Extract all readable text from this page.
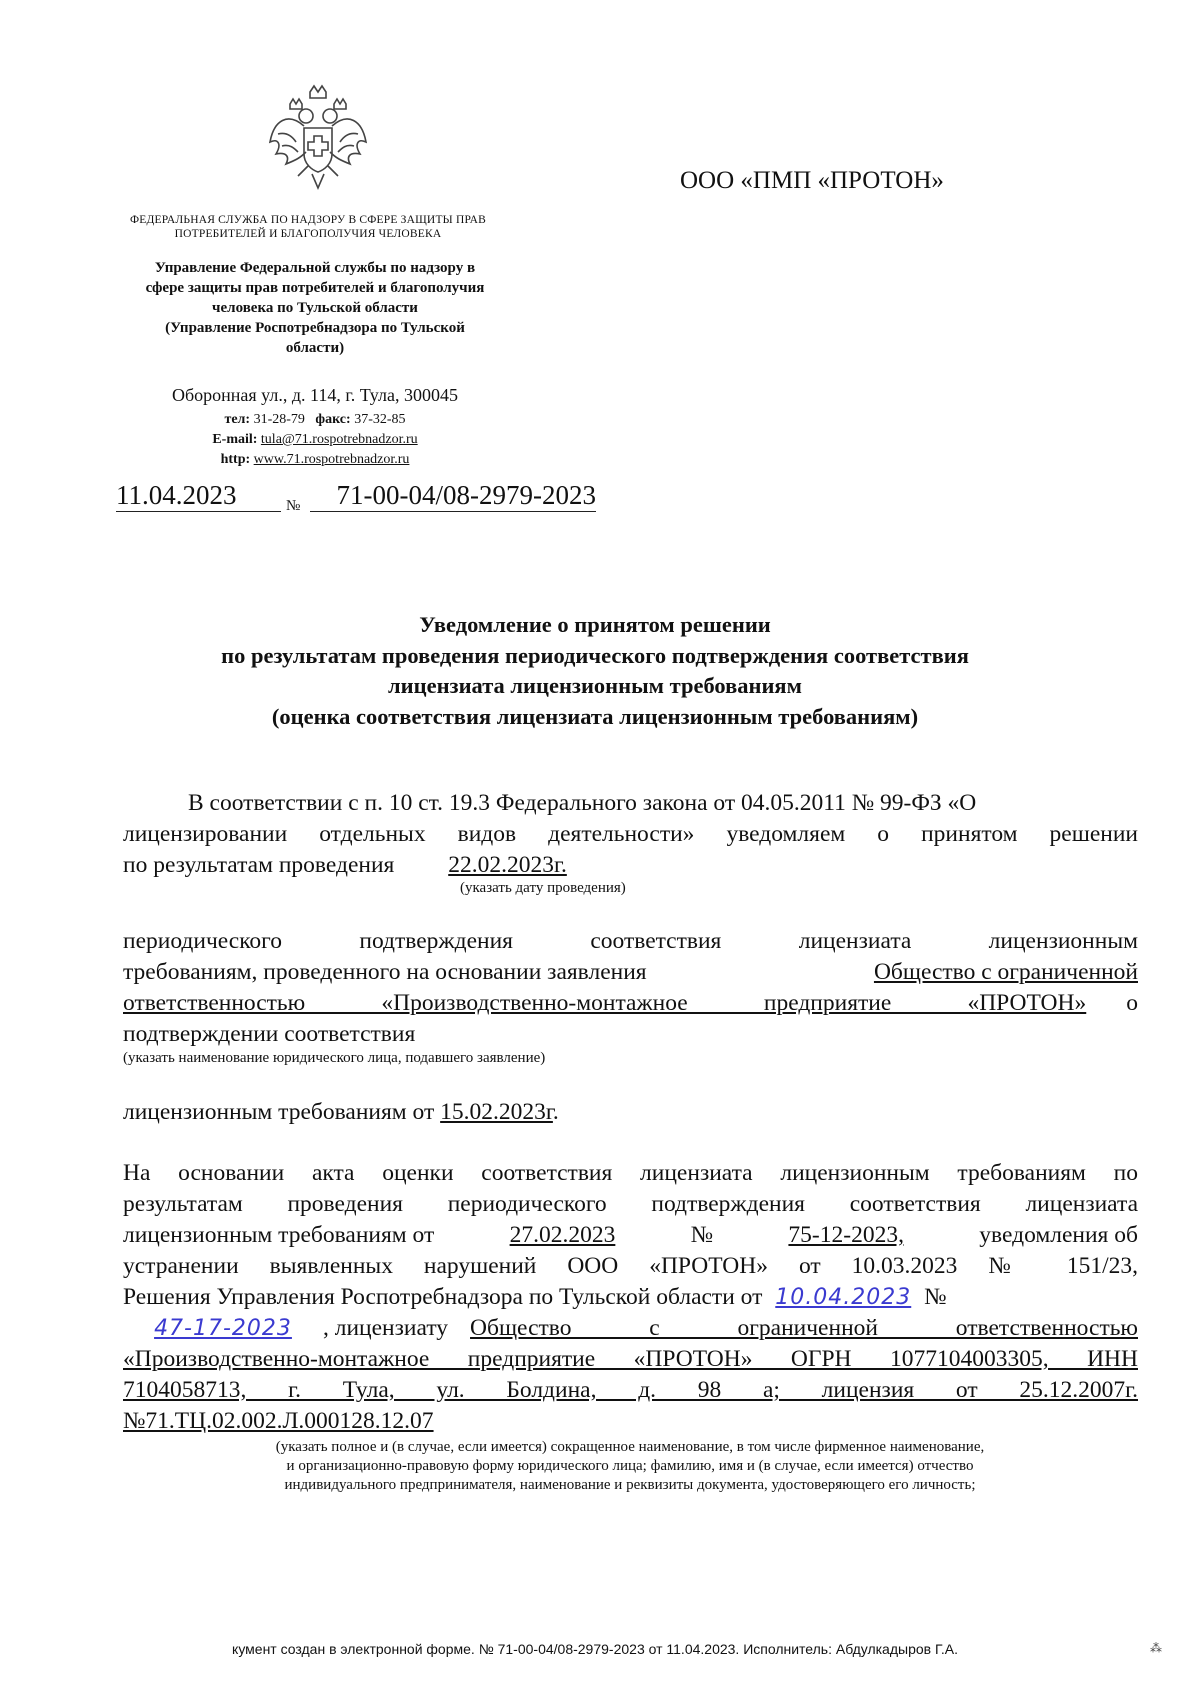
ФЕДЕРАЛЬНАЯ СЛУЖБА ПО НАДЗОРУ В СФЕРЕ ЗАЩИТЫ ПРАВ ПОТРЕБИТЕЛЕЙ И БЛАГОПОЛУЧИЯ ЧЕЛОВЕКА
Управление Федеральной службы по надзору в
сфере защиты прав потребителей и благополучия
человека по Тульской области
(Управление Роспотребнадзора по Тульской
области)
Оборонная ул., д. 114, г. Тула, 300045
тел: 31-28-79 факс: 37-32-85
E-mail: tula@71.rospotrebnadzor.ru
http: www.71.rospotrebnadzor.ru
11.04.2023	№	71-00-04/08-2979-2023
ООО «ПМП «ПРОТОН»
Уведомление о принятом решении
по результатам проведения периодического подтверждения соответствия
лицензиата лицензионным требованиям
(оценка соответствия лицензиата лицензионным требованиям)
В соответствии с п. 10 ст. 19.3 Федерального закона от 04.05.2011 № 99-ФЗ «О
лицензировании отдельных видов деятельности» уведомляем о принятом решении
по результатам проведения 22.02.2023г.
(указать дату проведения)
периодического подтверждения соответствия лицензиата лицензионным
требованиям, проведенного на основании заявления	Общество с ограниченной
ответственностью «Производственно-монтажное предприятие «ПРОТОН» о
подтверждении соответствия
(указать наименование юридического лица, подавшего заявление)
лицензионным требованиям от 15.02.2023г.
На основании акта оценки соответствия лицензиата лицензионным требованиям по
результатам проведения периодического подтверждения соответствия лицензиата
лицензионным требованиям от	27.02.2023	№	75-12-2023,	уведомления об
устранении выявленных нарушений ООО «ПРОТОН» от 10.03.2023 № 151/23,
Решения Управления Роспотребнадзора по Тульской области от 10.04.2023 №
47-17-2023	, лицензиату Общество с ограниченной ответственностью
«Производственно-монтажное предприятие «ПРОТОН» ОГРН 1077104003305, ИНН
7104058713, г. Тула, ул. Болдина, д. 98 а; лицензия от 25.12.2007г.
№71.ТЦ.02.002.Л.000128.12.07
(указать полное и (в случае, если имеется) сокращенное наименование, в том числе фирменное наименование,
и организационно-правовую форму юридического лица; фамилию, имя и (в случае, если имеется) отчество
индивидуального предпринимателя, наименование и реквизиты документа, удостоверяющего его личность;
кумент создан в электронной форме. № 71-00-04/08-2979-2023 от 11.04.2023. Исполнитель: Абдулкадыров Г.А.	⁂
